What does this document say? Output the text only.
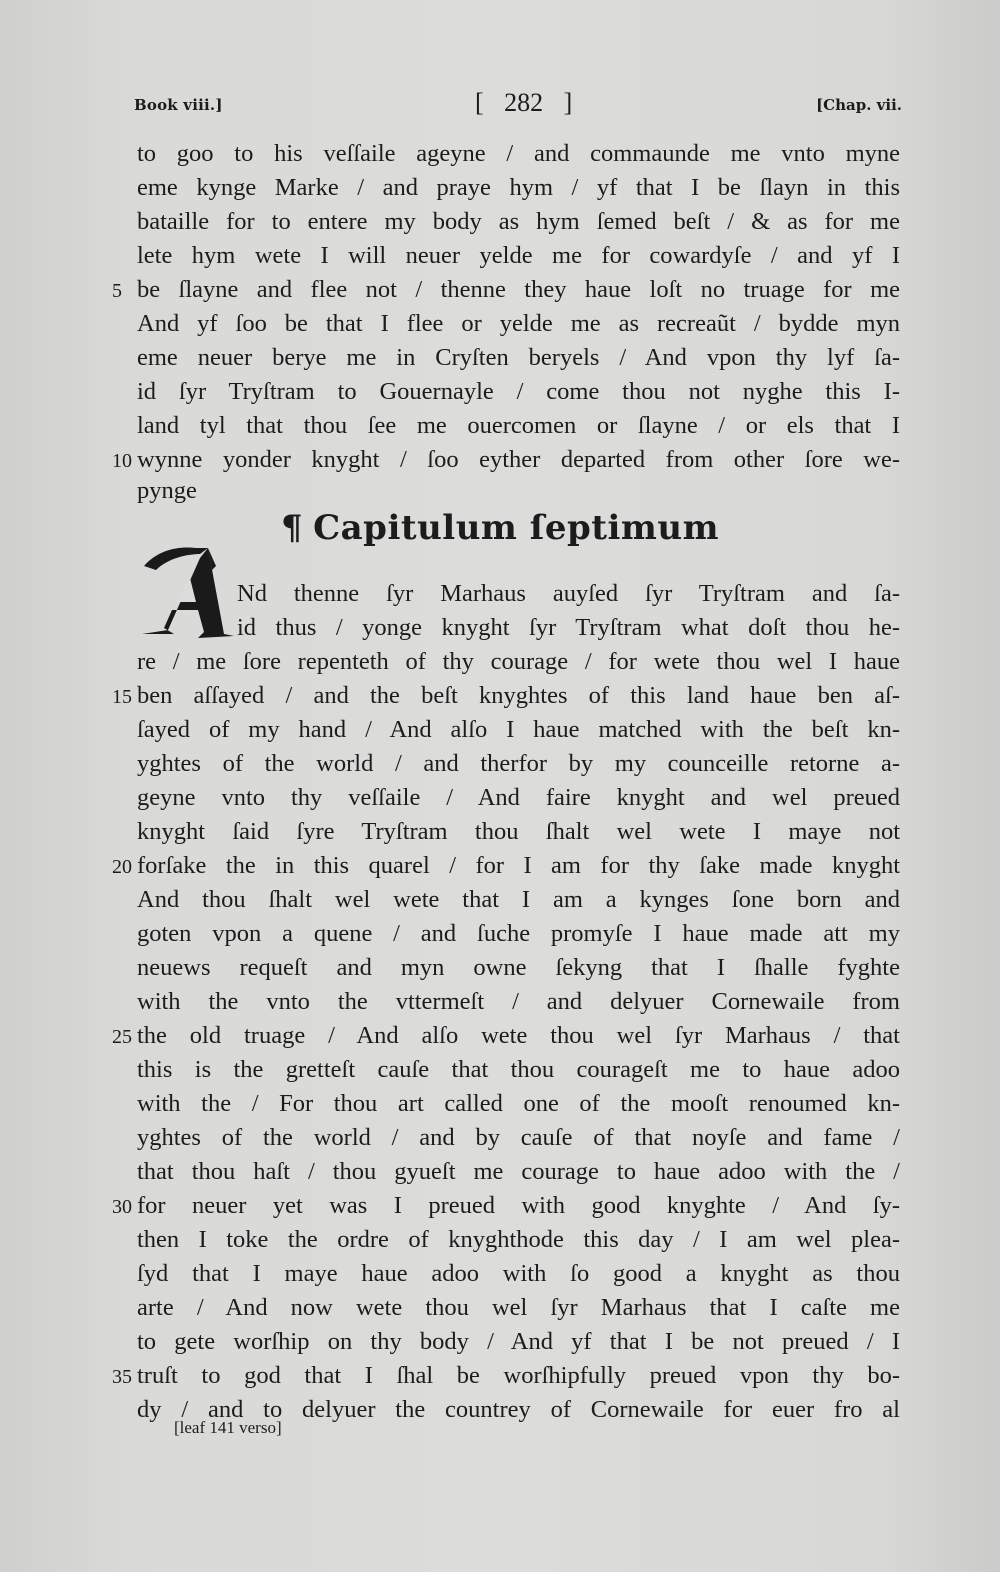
Book viii.]	[ 282 ]	[Chap. vii.
to goo to his veſſaile ageyne / and commaunde me vnto myne
eme kynge Marke / and praye hym / yf that I be ſlayn in this
bataille for to entere my body as hym ſemed beſt / & as for me
lete hym wete I will neuer yelde me for cowardyſe / and yf I
be ſlayne and flee not / thenne they haue loſt no truage for me
And yf ſoo be that I flee or yelde me as recreaũt / bydde myn
eme neuer berye me in Cryſten beryels / And vpon thy lyf ſa-
id ſyr Tryſtram to Gouernayle / come thou not nyghe this I-
land tyl that thou ſee me ouercomen or ſlayne / or els that I
wynne yonder knyght / ſoo eyther departed from other ſore we-
pynge
¶ Capitulum ſeptimum
Nd thenne ſyr Marhaus auyſed ſyr Tryſtram and ſa-
id thus / yonge knyght ſyr Tryſtram what doſt thou he-
re / me ſore repenteth of thy courage / for wete thou wel I haue
ben aſſayed / and the beſt knyghtes of this land haue ben aſ-
ſayed of my hand / And alſo I haue matched with the beſt kn-
yghtes of the world / and therfor by my counceille retorne a-
geyne vnto thy veſſaile / And faire knyght and wel preued
knyght ſaid ſyre Tryſtram thou ſhalt wel wete I maye not
forſake the in this quarel / for I am for thy ſake made knyght
And thou ſhalt wel wete that I am a kynges ſone born and
goten vpon a quene / and ſuche promyſe I haue made att my
neuews requeſt and myn owne ſekyng that I ſhalle fyghte
with the vnto the vttermeſt / and delyuer Cornewaile from
the old truage / And alſo wete thou wel ſyr Marhaus / that
this is the gretteſt cauſe that thou courageſt me to haue adoo
with the / For thou art called one of the mooſt renoumed kn-
yghtes of the world / and by cauſe of that noyſe and fame /
that thou haſt / thou gyueſt me courage to haue adoo with the /
for neuer yet was I preued with good knyghte / And ſy-
then I toke the ordre of knyghthode this day / I am wel plea-
ſyd that I maye haue adoo with ſo good a knyght as thou
arte / And now wete thou wel ſyr Marhaus that I caſte me
to gete worſhip on thy body / And yf that I be not preued / I
truſt to god that I ſhal be worſhipfully preued vpon thy bo-
dy / and to delyuer the countrey of Cornewaile for euer fro al
5
10
15
20
25
30
35
[leaf 141 verso]
